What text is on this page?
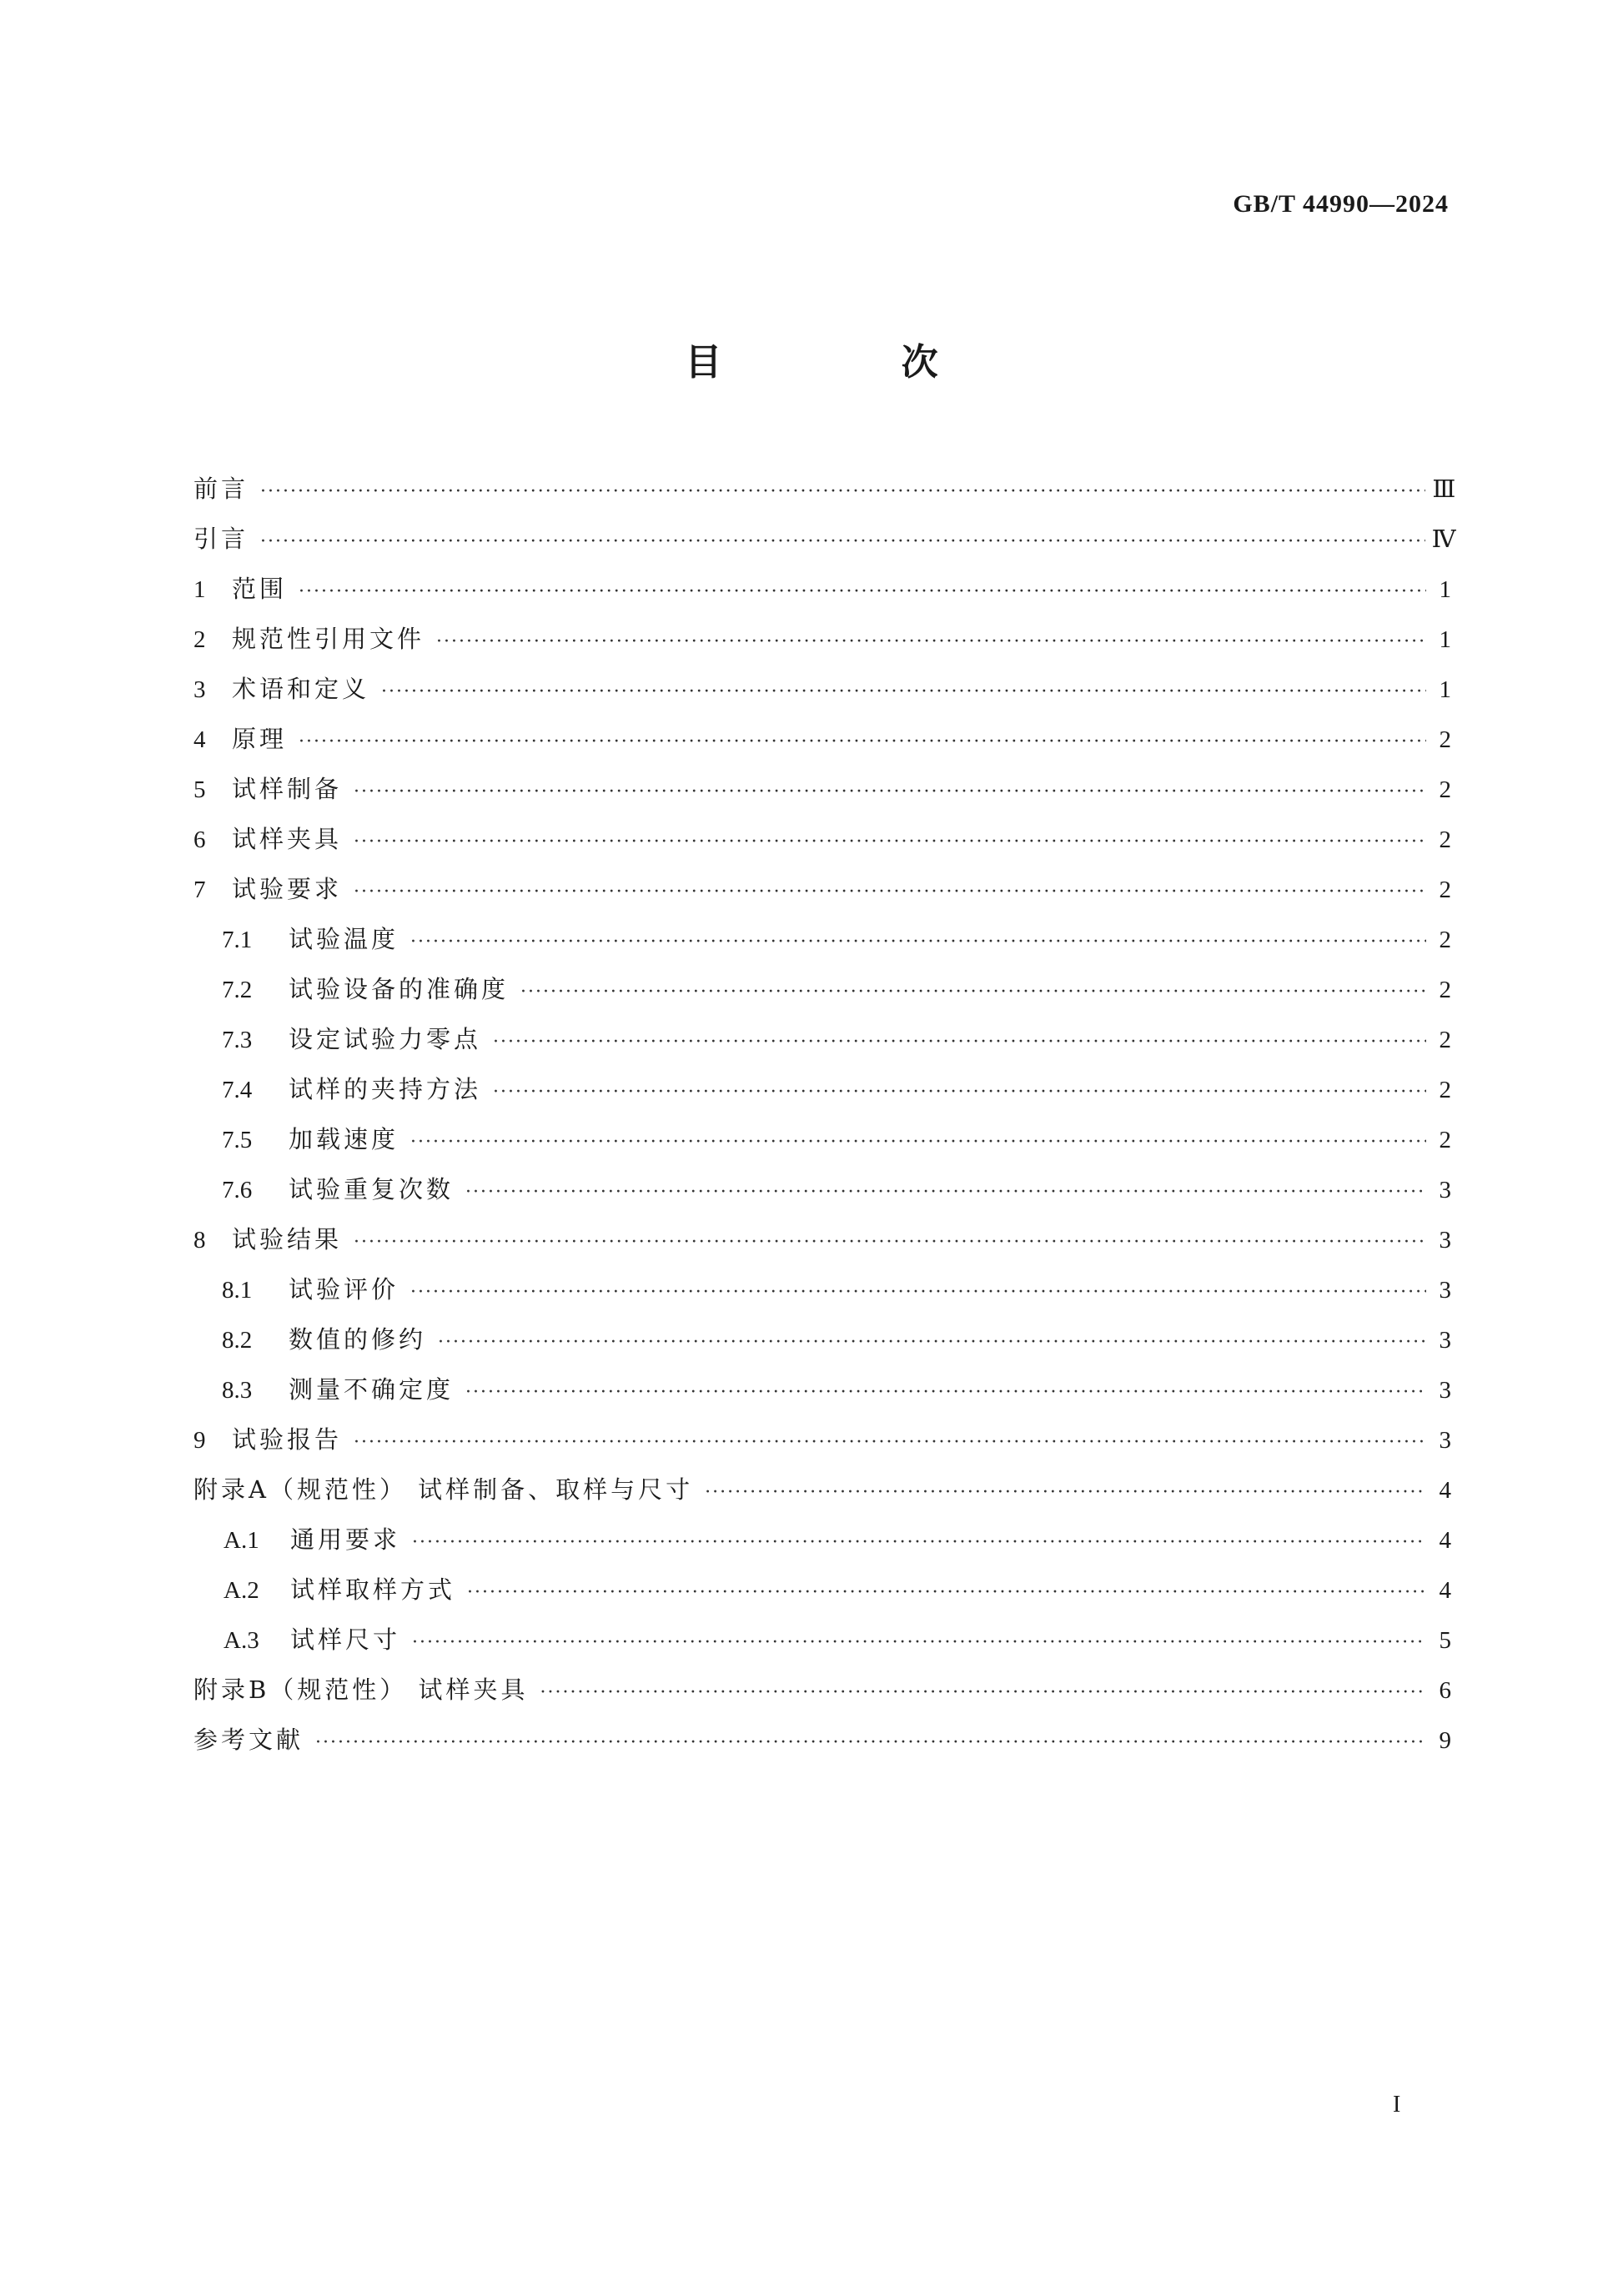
GB/T 44990—2024
目 次
前言 ·····	Ⅲ
引言 ·····	Ⅳ
1	范围 ·····	1
2	规范性引用文件 ·····	1
3	术语和定义 ·····	1
4	原理 ·····	2
5	试样制备 ·····	2
6	试样夹具 ·····	2
7	试验要求 ·····	2
7.1	试验温度 ·····	2
7.2	试验设备的准确度 ·····	2
7.3	设定试验力零点 ·····	2
7.4	试样的夹持方法 ·····	2
7.5	加载速度 ·····	2
7.6	试验重复次数 ·····	3
8	试验结果 ·····	3
8.1	试验评价 ·····	3
8.2	数值的修约 ·····	3
8.3	测量不确定度 ·····	3
9	试验报告 ·····	3
附录A（规范性） 试样制备、取样与尺寸 ·····	4
A.1	通用要求 ·····	4
A.2	试样取样方式 ·····	4
A.3	试样尺寸 ·····	5
附录B（规范性） 试样夹具 ·····	6
参考文献 ·····	9
I
